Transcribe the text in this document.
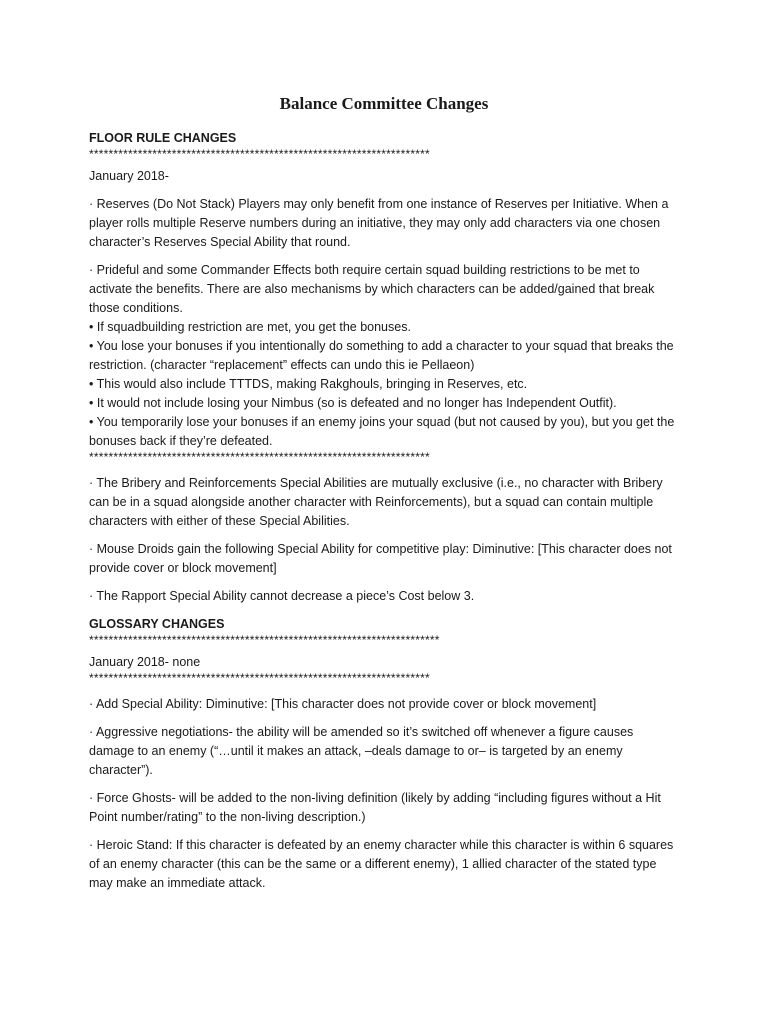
Balance Committee Changes

FLOOR RULE CHANGES

**********************************************************************

January 2018-

· Reserves (Do Not Stack) Players may only benefit from one instance of Reserves per Initiative. When a player rolls multiple Reserve numbers during an initiative, they may only add characters via one chosen character’s Reserves Special Ability that round.

· Prideful and some Commander Effects both require certain squad building restrictions to be met to activate the benefits. There are also mechanisms by which characters can be added/gained that break those conditions.

• If squadbuilding restriction are met, you get the bonuses.

• You lose your bonuses if you intentionally do something to add a character to your squad that breaks the restriction. (character “replacement” effects can undo this ie Pellaeon)

• This would also include TTTDS, making Rakghouls, bringing in Reserves, etc.

• It would not include losing your Nimbus (so is defeated and no longer has Independent Outfit).

• You temporarily lose your bonuses if an enemy joins your squad (but not caused by you), but you get the bonuses back if they’re defeated.

**********************************************************************

· The Bribery and Reinforcements Special Abilities are mutually exclusive (i.e., no character with Bribery can be in a squad alongside another character with Reinforcements), but a squad can contain multiple characters with either of these Special Abilities.

· Mouse Droids gain the following Special Ability for competitive play: Diminutive: [This character does not provide cover or block movement]

· The Rapport Special Ability cannot decrease a piece’s Cost below 3.

GLOSSARY CHANGES

************************************************************************

January 2018- none

**********************************************************************

· Add Special Ability: Diminutive: [This character does not provide cover or block movement]

· Aggressive negotiations- the ability will be amended so it’s switched off whenever a figure causes damage to an enemy (“…until it makes an attack, –deals damage to or– is targeted by an enemy character”).

· Force Ghosts- will be added to the non-living definition (likely by adding “including figures without a Hit Point number/rating” to the non-living description.)

· Heroic Stand: If this character is defeated by an enemy character while this character is within 6 squares of an enemy character (this can be the same or a different enemy), 1 allied character of the stated type may make an immediate attack.
